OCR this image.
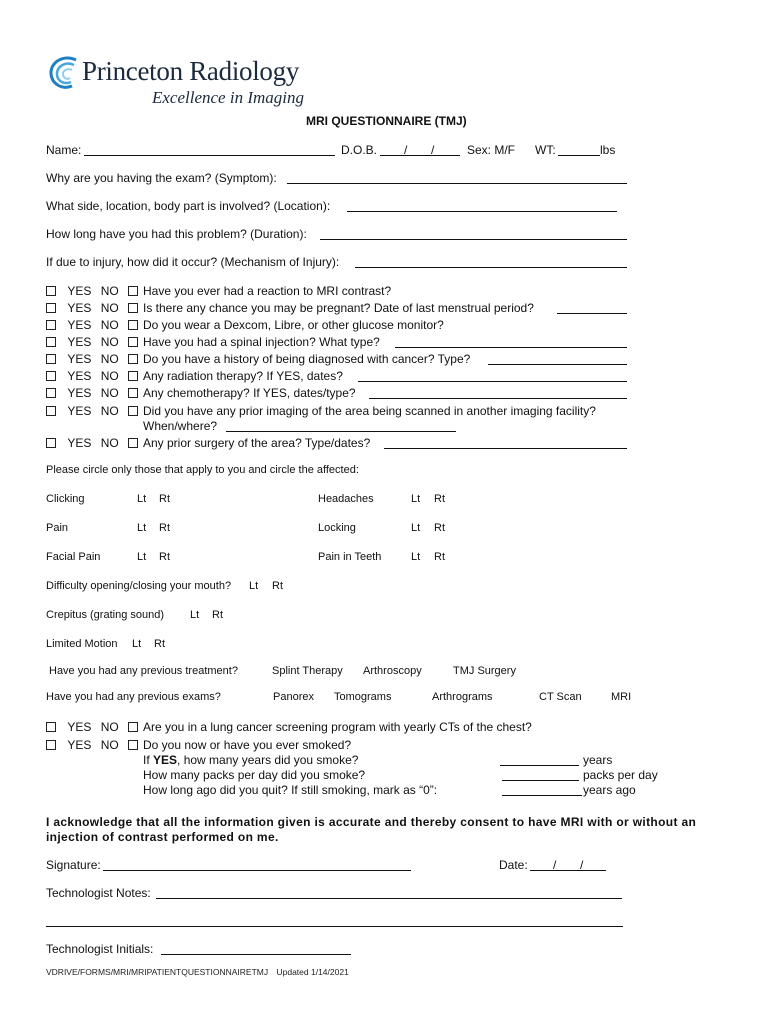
Princeton Radiology
Excellence in Imaging
MRI QUESTIONNAIRE (TMJ)
Name:	D.O.B. / /	Sex: M/F WT:	lbs
Why are you having the exam? (Symptom):
What side, location, body part is involved? (Location):
How long have you had this problem? (Duration):
If due to injury, how did it occur? (Mechanism of Injury):
YES NO Have you ever had a reaction to MRI contrast?
YES NO Is there any chance you may be pregnant? Date of last menstrual period?
YES NO Do you wear a Dexcom, Libre, or other glucose monitor?
YES NO Have you had a spinal injection? What type?
YES NO Do you have a history of being diagnosed with cancer? Type?
YES NO Any radiation therapy? If YES, dates?
YES NO Any chemotherapy? If YES, dates/type?
YES NO Did you have any prior imaging of the area being scanned in another imaging facility?
When/where?
YES NO Any prior surgery of the area? Type/dates?
Please circle only those that apply to you and circle the affected:
Clicking	Lt Rt	Headaches	Lt Rt
Pain	Lt Rt	Locking	Lt Rt
Facial Pain	Lt Rt	Pain in Teeth	Lt Rt
Difficulty opening/closing your mouth? Lt Rt
Crepitus (grating sound) Lt Rt
Limited Motion Lt Rt
Have you had any previous treatment?	Splint Therapy Arthroscopy	TMJ Surgery
Have you had any previous exams?	Panorex Tomograms	Arthrograms	CT Scan	MRI
YES NO Are you in a lung cancer screening program with yearly CTs of the chest?
YES NO Do you now or have you ever smoked?
If YES, how many years did you smoke?	years
How many packs per day did you smoke?	packs per day
How long ago did you quit? If still smoking, mark as “0”:	years ago
I acknowledge that all the information given is accurate and thereby consent to have MRI with or without an
injection of contrast performed on me.
Signature:	Date: / /
Technologist Notes:
Technologist Initials:
VDRIVE/FORMS/MRI/MRIPATIENTQUESTIONNAIRETMJ Updated 1/14/2021
